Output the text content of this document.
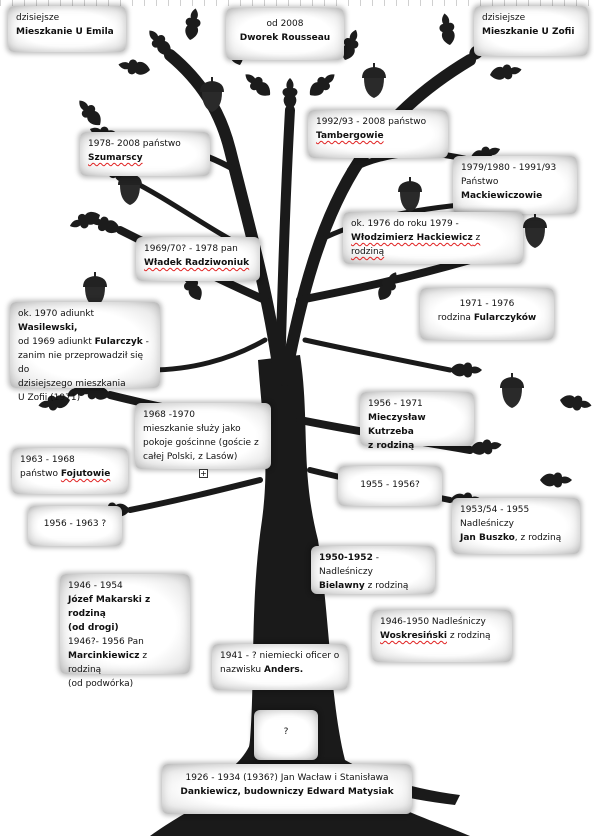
dzisiejsze
Mieszkanie U Emila
od 2008
Dworek Rousseau
dzisiejsze
Mieszkanie U Zofii
1992/93 - 2008 państwo
Tambergowie
1978- 2008 państwo
Szumarscy
1979/1980 - 1991/93
Państwo
Mackiewiczowie
ok. 1976 do roku 1979 -
Włodzimierz Hackiewicz z rodziną
1969/70? - 1978 pan
Władek Radziwoniuk
1971 - 1976
rodzina Fularczyków
ok. 1970 adiunkt Wasilewski,
od 1969 adiunkt Fularczyk -
zanim nie przeprowadził się do
dzisiejszego mieszkania
U Zofii (1971)
1956 - 1971
Mieczysław Kutrzeba
z rodziną
1968 -1970
mieszkanie służy jako
pokoje gościnne (goście z
całej Polski, z Lasów)
+
1963 - 1968
państwo Fojutowie
1955 - 1956?
1953/54 - 1955
Nadleśniczy
Jan Buszko, z rodziną
1956 - 1963 ?
1950-1952 - Nadleśniczy
Bielawny z rodziną
1946 - 1954
Józef Makarski z rodziną
(od drogi)
1946?- 1956 Pan
Marcinkiewicz z rodziną
(od podwórka)
1946-1950 Nadleśniczy
Woskresiński z rodziną
1941 - ? niemiecki oficer o
nazwisku Anders.
?
1926 - 1934 (1936?) Jan Wacław i Stanisława
Dankiewicz, budowniczy Edward Matysiak
